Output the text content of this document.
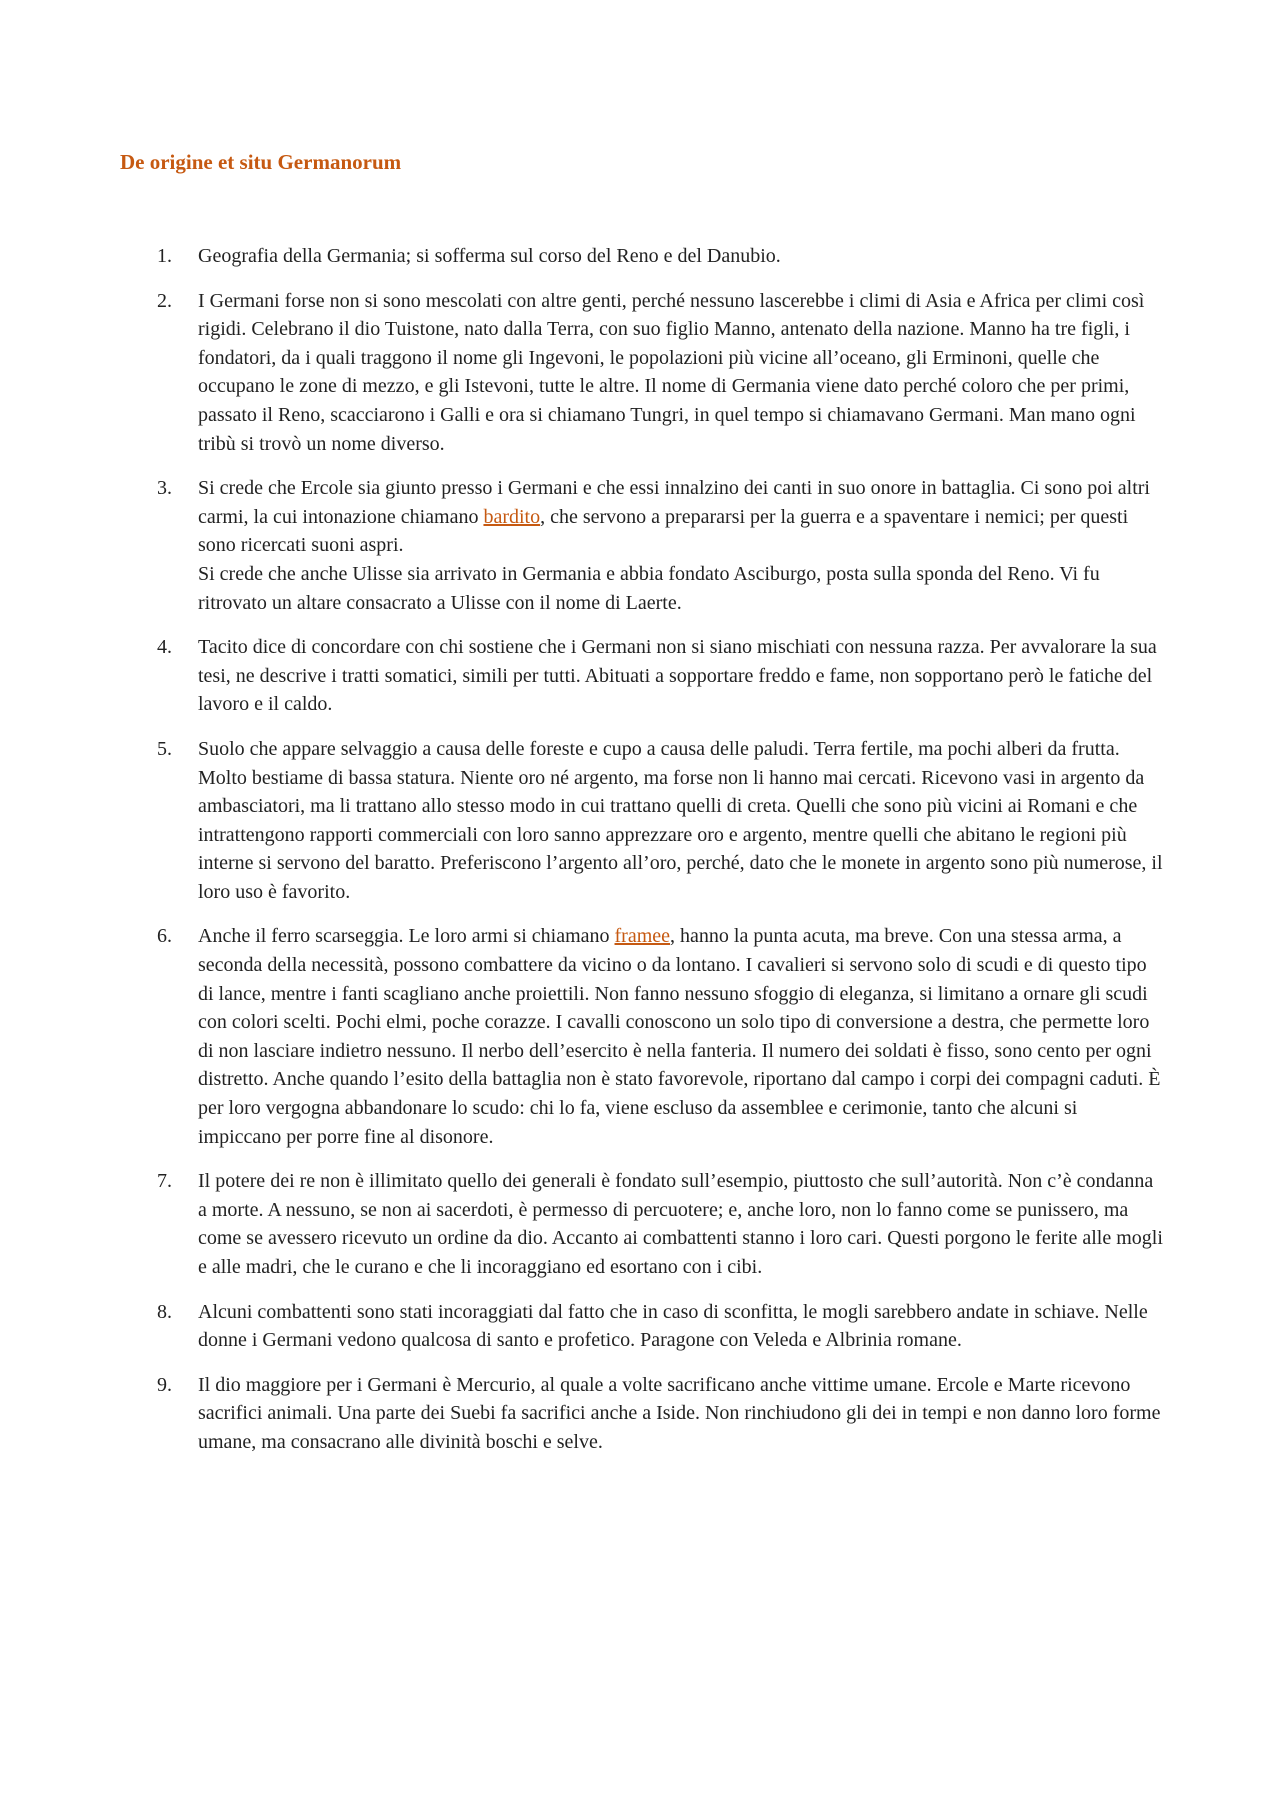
De origine et situ Germanorum
1. Geografia della Germania; si sofferma sul corso del Reno e del Danubio.
2. I Germani forse non si sono mescolati con altre genti, perché nessuno lascerebbe i climi di Asia e Africa per climi così rigidi. Celebrano il dio Tuistone, nato dalla Terra, con suo figlio Manno, antenato della nazione. Manno ha tre figli, i fondatori, da i quali traggono il nome gli Ingevoni, le popolazioni più vicine all’oceano, gli Erminoni, quelle che occupano le zone di mezzo, e gli Istevoni, tutte le altre. Il nome di Germania viene dato perché coloro che per primi, passato il Reno, scacciarono i Galli e ora si chiamano Tungri, in quel tempo si chiamavano Germani. Man mano ogni tribù si trovò un nome diverso.
3. Si crede che Ercole sia giunto presso i Germani e che essi innalzino dei canti in suo onore in battaglia. Ci sono poi altri carmi, la cui intonazione chiamano bardito, che servono a prepararsi per la guerra e a spaventare i nemici; per questi sono ricercati suoni aspri.
Si crede che anche Ulisse sia arrivato in Germania e abbia fondato Asciburgo, posta sulla sponda del Reno. Vi fu ritrovato un altare consacrato a Ulisse con il nome di Laerte.
4. Tacito dice di concordare con chi sostiene che i Germani non si siano mischiati con nessuna razza. Per avvalorare la sua tesi, ne descrive i tratti somatici, simili per tutti. Abituati a sopportare freddo e fame, non sopportano però le fatiche del lavoro e il caldo.
5. Suolo che appare selvaggio a causa delle foreste e cupo a causa delle paludi. Terra fertile, ma pochi alberi da frutta. Molto bestiame di bassa statura. Niente oro né argento, ma forse non li hanno mai cercati. Ricevono vasi in argento da ambasciatori, ma li trattano allo stesso modo in cui trattano quelli di creta. Quelli che sono più vicini ai Romani e che intrattengono rapporti commerciali con loro sanno apprezzare oro e argento, mentre quelli che abitano le regioni più interne si servono del baratto. Preferiscono l’argento all’oro, perché, dato che le monete in argento sono più numerose, il loro uso è favorito.
6. Anche il ferro scarseggia. Le loro armi si chiamano framee, hanno la punta acuta, ma breve. Con una stessa arma, a seconda della necessità, possono combattere da vicino o da lontano. I cavalieri si servono solo di scudi e di questo tipo di lance, mentre i fanti scagliano anche proiettili. Non fanno nessuno sfoggio di eleganza, si limitano a ornare gli scudi con colori scelti. Pochi elmi, poche corazze. I cavalli conoscono un solo tipo di conversione a destra, che permette loro di non lasciare indietro nessuno. Il nerbo dell’esercito è nella fanteria. Il numero dei soldati è fisso, sono cento per ogni distretto. Anche quando l’esito della battaglia non è stato favorevole, riportano dal campo i corpi dei compagni caduti. È per loro vergogna abbandonare lo scudo: chi lo fa, viene escluso da assemblee e cerimonie, tanto che alcuni si impiccano per porre fine al disonore.
7. Il potere dei re non è illimitato quello dei generali è fondato sull’esempio, piuttosto che sull’autorità. Non c’è condanna a morte. A nessuno, se non ai sacerdoti, è permesso di percuotere; e, anche loro, non lo fanno come se punissero, ma come se avessero ricevuto un ordine da dio. Accanto ai combattenti stanno i loro cari. Questi porgono le ferite alle mogli e alle madri, che le curano e che li incoraggiano ed esortano con i cibi.
8. Alcuni combattenti sono stati incoraggiati dal fatto che in caso di sconfitta, le mogli sarebbero andate in schiave. Nelle donne i Germani vedono qualcosa di santo e profetico. Paragone con Veleda e Albrinia romane.
9. Il dio maggiore per i Germani è Mercurio, al quale a volte sacrificano anche vittime umane. Ercole e Marte ricevono sacrifici animali. Una parte dei Suebi fa sacrifici anche a Iside. Non rinchiudono gli dei in tempi e non danno loro forme umane, ma consacrano alle divinità boschi e selve.
